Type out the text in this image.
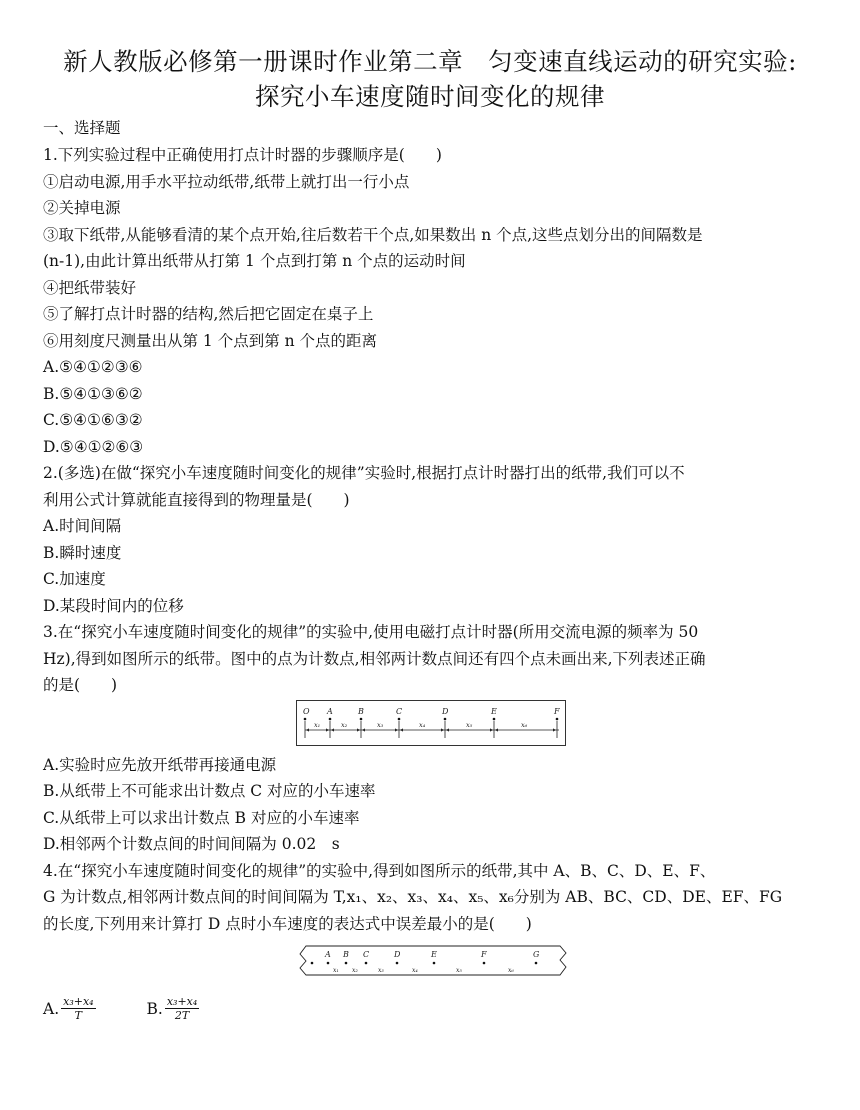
新人教版必修第一册课时作业第二章　匀变速直线运动的研究实验:
探究小车速度随时间变化的规律
一、选择题
1.下列实验过程中正确使用打点计时器的步骤顺序是(　　)
①启动电源,用手水平拉动纸带,纸带上就打出一行小点
②关掉电源
③取下纸带,从能够看清的某个点开始,往后数若干个点,如果数出 n 个点,这些点划分出的间隔数是
(n-1),由此计算出纸带从打第 1 个点到打第 n 个点的运动时间
④把纸带装好
⑤了解打点计时器的结构,然后把它固定在桌子上
⑥用刻度尺测量出从第 1 个点到第 n 个点的距离
A.⑤④①②③⑥
B.⑤④①③⑥②
C.⑤④①⑥③②
D.⑤④①②⑥③
2.(多选)在做“探究小车速度随时间变化的规律”实验时,根据打点计时器打出的纸带,我们可以不
利用公式计算就能直接得到的物理量是(　　)
A.时间间隔
B.瞬时速度
C.加速度
D.某段时间内的位移
3.在“探究小车速度随时间变化的规律”的实验中,使用电磁打点计时器(所用交流电源的频率为 50
Hz),得到如图所示的纸带。图中的点为计数点,相邻两计数点间还有四个点未画出来,下列表述正确
的是(　　)
O A	B	C	D	E	F
x₁	x₂	x₃	x₄	x₅	x₆
A.实验时应先放开纸带再接通电源
B.从纸带上不可能求出计数点 C 对应的小车速率
C.从纸带上可以求出计数点 B 对应的小车速率
D.相邻两个计数点间的时间间隔为 0.02　s
4.在“探究小车速度随时间变化的规律”的实验中,得到如图所示的纸带,其中 A、B、C、D、E、F、
G 为计数点,相邻两计数点间的时间间隔为 T,x₁、x₂、x₃、x₄、x₅、x₆分别为 AB、BC、CD、DE、EF、FG
的长度,下列用来计算打 D 点时小车速度的表达式中误差最小的是(　　)
A B C	D	E	F	G
x₁ x₂	x₃	x₄	x₅	x₆
A. $\frac{\text{x₃+x₄}}{T}$
	B. $\frac{\text{x₃+x₄}}{2T}$
